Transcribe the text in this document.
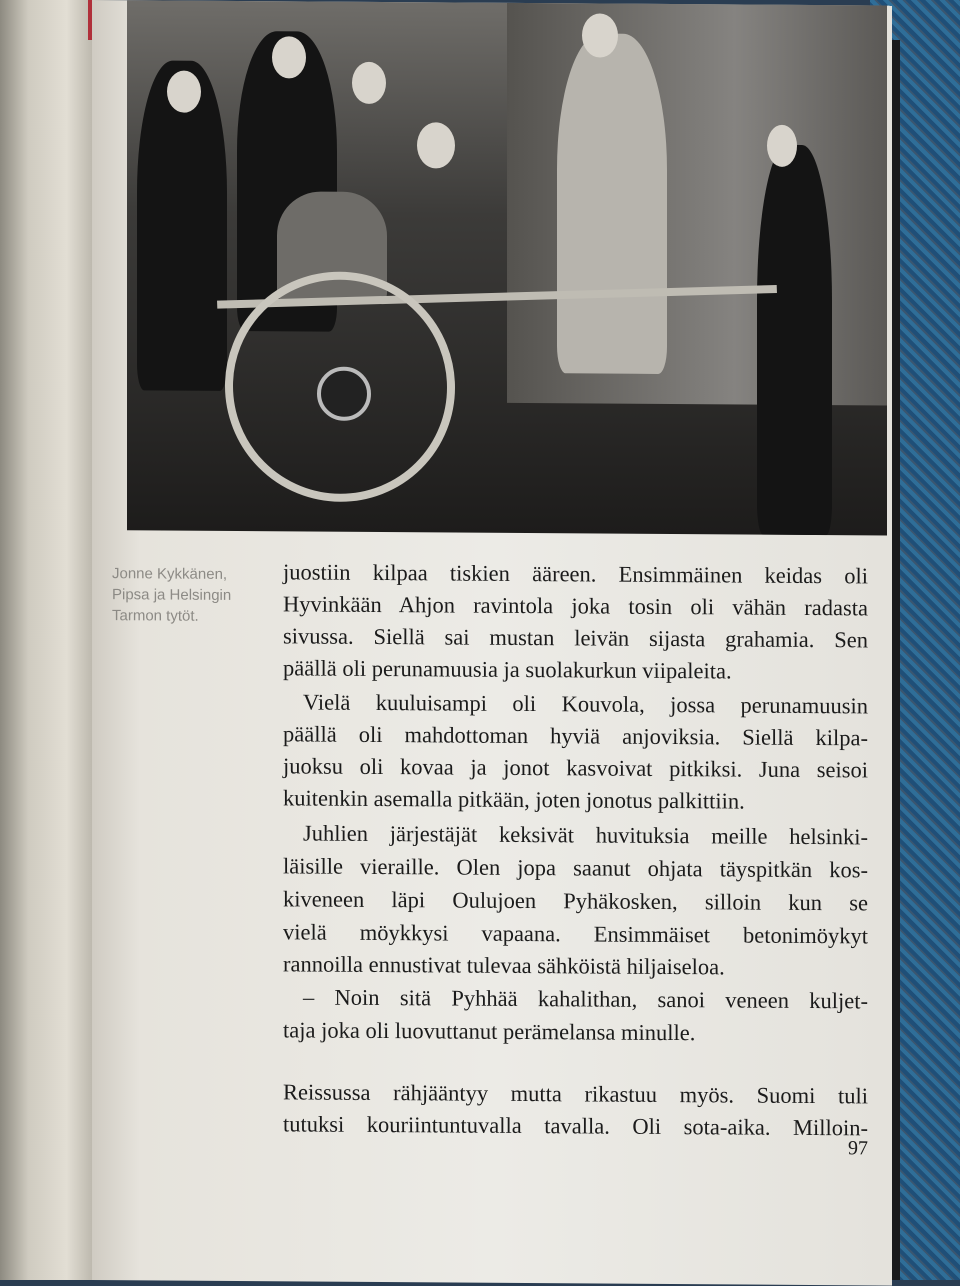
Jonne Kykkänen,
Pipsa ja Helsingin
Tarmon tytöt.
juostiin kilpaa tiskien ääreen. Ensimmäinen keidas oli
Hyvinkään Ahjon ravintola joka tosin oli vähän radasta
sivussa. Siellä sai mustan leivän sijasta grahamia. Sen
päällä oli perunamuusia ja suolakurkun viipaleita.
Vielä kuuluisampi oli Kouvola, jossa perunamuusin
päällä oli mahdottoman hyviä anjoviksia. Siellä kilpa-
juoksu oli kovaa ja jonot kasvoivat pitkiksi. Juna seisoi
kuitenkin asemalla pitkään, joten jonotus palkittiin.
Juhlien järjestäjät keksivät huvituksia meille helsinki-
läisille vieraille. Olen jopa saanut ohjata täyspitkän kos-
kiveneen läpi Oulujoen Pyhäkosken, silloin kun se
vielä möykkysi vapaana. Ensimmäiset betonimöykyt
rannoilla ennustivat tulevaa sähköistä hiljaiseloa.
– Noin sitä Pyhhää kahalithan, sanoi veneen kuljet-
taja joka oli luovuttanut perämelansa minulle.
Reissussa rähjääntyy mutta rikastuu myös. Suomi tuli
tutuksi kouriintuntuvalla tavalla. Oli sota-aika. Milloin-
97
